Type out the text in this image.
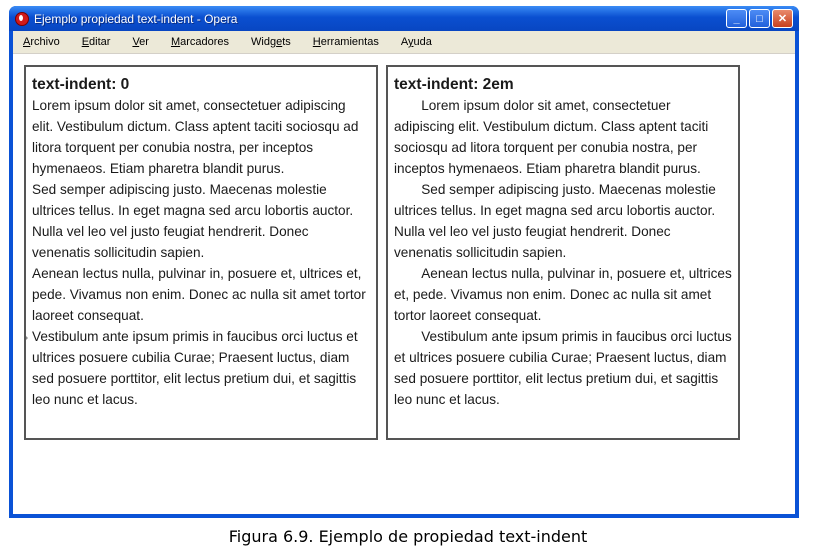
Ejemplo propiedad text-indent - Opera	_	□	✕
Archivo Editar Ver Marcadores Widgets Herramientas Ayuda
text-indent: 0

Lorem ipsum dolor sit amet, consectetuer adipiscing elit. Vestibulum dictum. Class aptent taciti sociosqu ad litora torquent per conubia nostra, per inceptos hymenaeos. Etiam pharetra blandit purus.

Sed semper adipiscing justo. Maecenas molestie ultrices tellus. In eget magna sed arcu lobortis auctor. Nulla vel leo vel justo feugiat hendrerit. Donec venenatis sollicitudin sapien.

Aenean lectus nulla, pulvinar in, posuere et, ultrices et, pede. Vivamus non enim. Donec ac nulla sit amet tortor laoreet consequat.

Vestibulum ante ipsum primis in faucibus orci luctus et ultrices posuere cubilia Curae; Praesent luctus, diam sed posuere porttitor, elit lectus pretium dui, et sagittis leo nunc et lacus.

text-indent: 2em

Lorem ipsum dolor sit amet, consectetuer adipiscing elit. Vestibulum dictum. Class aptent taciti sociosqu ad litora torquent per conubia nostra, per inceptos hymenaeos. Etiam pharetra blandit purus.

Sed semper adipiscing justo. Maecenas molestie ultrices tellus. In eget magna sed arcu lobortis auctor. Nulla vel leo vel justo feugiat hendrerit. Donec venenatis sollicitudin sapien.

Aenean lectus nulla, pulvinar in, posuere et, ultrices et, pede. Vivamus non enim. Donec ac nulla sit amet tortor laoreet consequat.

Vestibulum ante ipsum primis in faucibus orci luctus et ultrices posuere cubilia Curae; Praesent luctus, diam sed posuere porttitor, elit lectus pretium dui, et sagittis leo nunc et lacus.

Figura 6.9. Ejemplo de propiedad text-indent
